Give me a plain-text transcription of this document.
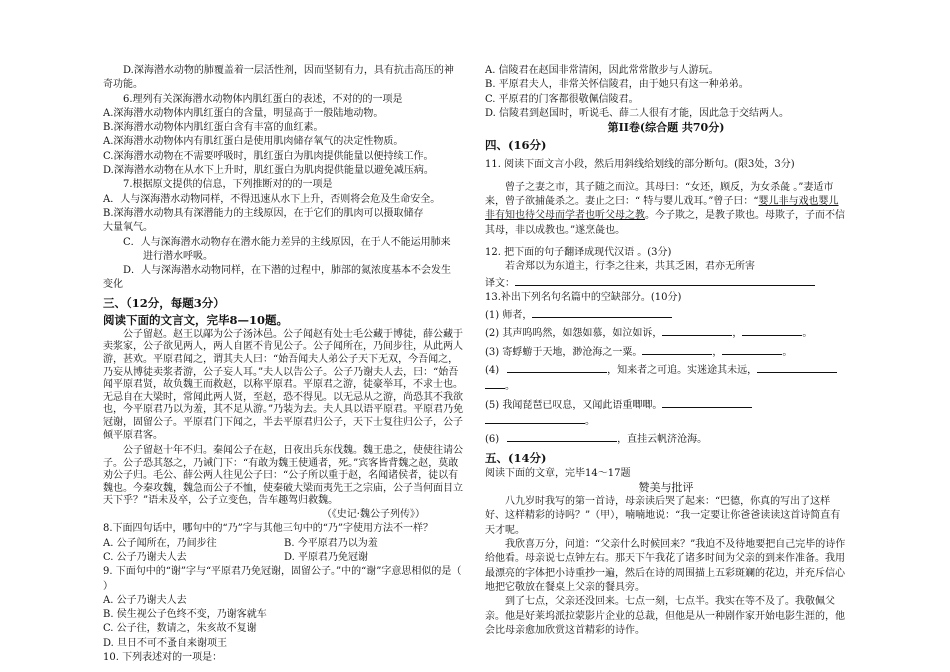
D.深海潜水动物的肺覆盖着一层活性剂，因而坚韧有力，具有抗击高压的神

奇功能。

6.理列有关深海潜水动物体内肌红蛋白的表述，不对的的一项是

A.深海潜水动物体内肌红蛋白的含量，明显高于一般陆地动物。

B.深海潜水动物体内肌红蛋白含有丰富的血红素。

A.深海潜水动物体内有肌红蛋白是使用肌肉储存氧气的决定性物质。

C.深海潜水动物在不需要呼吸时，肌红蛋白为肌肉提供能量以便持续工作。

D.深海潜水动物在从水下上升时，肌红蛋白为肌肉提供能量以避免减压病。

7.根据原文提供的信息，下列推断对的的一项是

A．人与深海潜水动物同样，不得迅速从水下上升，否则将会危及生命安全。

B.深海潜水动物具有深潜能力的主线原因，在于它们的肌肉可以摄取储存

大量氧气。

C．人与深海潜水动物存在潜水能力差异的主线原因，在于人不能运用肺来

进行潜水呼吸。

D．人与深海潜水动物同样，在下潜的过程中，肺部的氮浓度基本不会发生

变化

三、（12分，每题3分）

阅读下面的文言文，完毕8—10题。

公子留赵。赵王以鄗为公子汤沐邑。公子闻赵有处士毛公藏于博徒，薛公藏于卖浆家，公子欲见两人，两人自匿不肯见公子。公子闻所在，乃间步往，从此两人游，甚欢。平原君闻之，谓其夫人曰：“始吾闻夫人弟公子天下无双，今吾闻之，乃妄从博徒卖浆者游，公子妄人耳。”夫人以告公子。公子乃谢夫人去，曰：“始吾闻平原君贤，故负魏王而救赵，以称平原君。平原君之游，徒豪举耳，不求士也。无忌自在大梁时，常闻此两人贤，至赵，恐不得见。以无忌从之游，尚恐其不我欲也，今平原君乃以为羞，其不足从游。”乃装为去。夫人具以语平原君。平原君乃免冠谢，固留公子。平原君门下闻之，半去平原君归公子，天下士复往归公子，公子倾平原君客。

公子留赵十年不归。秦闻公子在赵，日夜出兵东伐魏。魏王患之，使使往请公子。公子恐其怒之，乃诫门下：“有敢为魏王使通者，死。”宾客皆背魏之赵，莫敢劝公子归。毛公、薛公两人往见公子曰：“公子所以重于赵，名闻诸侯者，徒以有魏也。今秦攻魏，魏急而公子不恤，使秦破大梁而夷先王之宗庙，公子当何面目立天下乎？”语未及卒，公子立变色，告车趣驾归救魏。

（《史记·魏公子列传》）

8.下面四句话中，哪句中的“乃”字与其他三句中的“乃”字使用方法不一样？

A. 公子闻所在，乃间步往	B. 今平原君乃以为羞
C. 公子乃谢夫人去	D. 平原君乃免冠谢

9. 下面句中的“谢”字与“平原君乃免冠谢，固留公子。”中的“谢”字意思相似的是（ ）

A. 公子乃谢夫人去

B. 侯生视公子色终不变，乃谢客就车

C. 公子往，数请之，朱亥故不复谢

D. 旦日不可不蚤自来谢项王

10. 下列表述对的一项是：

A. 信陵君在赵国非常清闲，因此常常散步与人游玩。

B. 平原君夫人，非常关怀信陵君，由于她只有这一种弟弟。

C. 平原君的门客都很敬佩信陵君。

D. 信陵君到赵国时，听说毛、薛二人很有才能，因此急于交结两人。

第II卷(综合题 共70分)

四、(16分)

11. 阅读下面文言小段，然后用斜线给划线的部分断句。(限3处，3分)

曾子之妻之市，其子随之而泣。其母曰：“女还，顾反，为女杀彘 。”妻适市来，曾子欲捕彘杀之。妻止之曰：“ 特与婴儿戏耳。”曾子曰：“婴儿非与戏也婴儿非有知也待父母而学者也听父母之教。今子欺之，是教子欺也。母欺子，子而不信其母，非以成教也。”遂烹彘也。

12. 把下面的句子翻译成现代汉语 。(3分)

若舍郑以为东道主，行李之往来，共其乏困，君亦无所害

译文：

13.补出下列名句名篇中的空缺部分。(10分)

(1) 师者，

(2) 其声呜呜然，如怨如慕，如泣如诉，	，	。

(3) 寄蜉蝣于天地，渺沧海之一粟。	，	。

(4)	，知来者之可追。实迷途其未远，

。

(5) 我闻琵琶已叹息，又闻此语重唧唧。

。

(6)	，直挂云帆济沧海。

五、(14分)

阅读下面的文章，完毕14～17题

赞美与批评

八九岁时我写的第一首诗，母亲读后哭了起来：“巴德，你真的写出了这样好、这样精彩的诗吗？”（甲），喃喃地说：“我一定要让你爸爸读读这首诗简直有天才呢。

我欣喜万分，问道：“父亲什么时候回来？”我迫不及待地要把自己完毕的诗作给他看。母亲说七点钟左右。那天下午我花了诸多时间为父亲的到来作准备。我用最漂亮的字体把小诗重抄一遍，然后在诗的周围描上五彩斑斓的花边，并充斥信心地把它敬放在餐桌上父亲的餐具旁。

到了七点，父亲还没回来。七点一刻，七点半。我实在等不及了。我敬佩父亲。他是好莱坞派拉蒙影片企业的总裁，但他是从一种剧作家开始电影生涯的，他会比母亲愈加欣赏这首精彩的诗作。
